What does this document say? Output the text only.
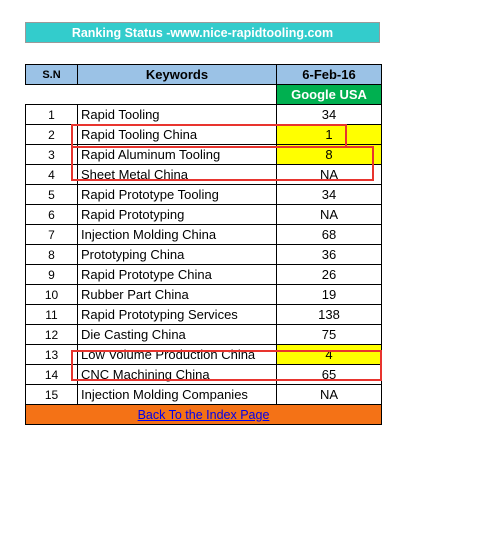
Ranking Status -www.nice-rapidtooling.com
S.N	Keywords	6-Feb-16
		Google USA
1	Rapid Tooling	34
2	Rapid Tooling China	1
3	Rapid Aluminum Tooling	8
4	Sheet Metal China	NA
5	Rapid Prototype Tooling	34
6	Rapid Prototyping	NA
7	Injection Molding China	68
8	Prototyping China	36
9	Rapid Prototype China	26
10	Rubber Part China	19
11	Rapid Prototyping Services	138
12	Die Casting China	75
13	Low Volume Production China	4
14	CNC Machining China	65
15	Injection Molding Companies	NA
Back To the Index Page		
